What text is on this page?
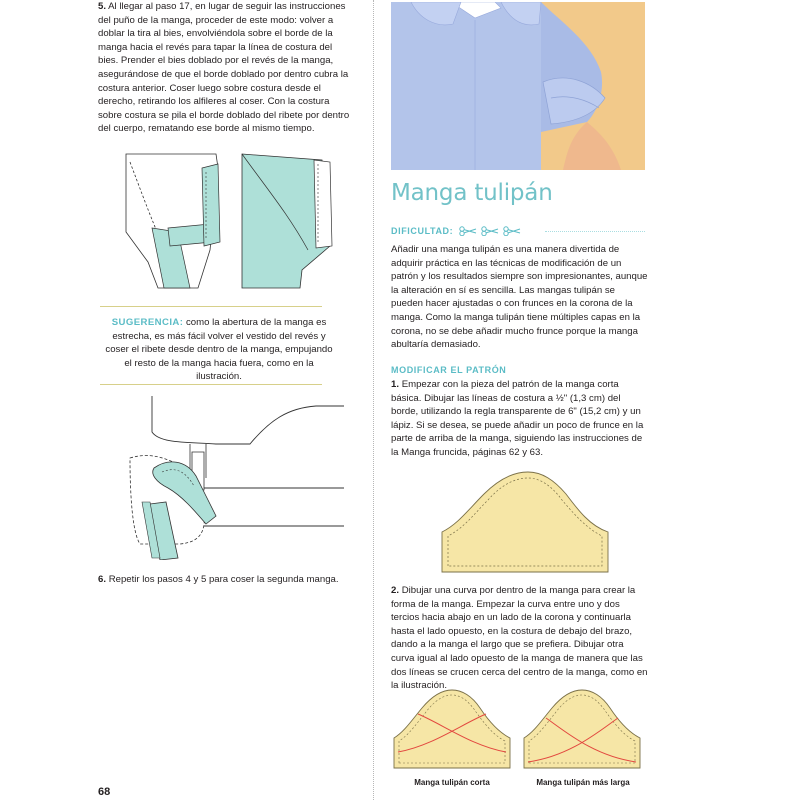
5. Al llegar al paso 17, en lugar de seguir las instrucciones del puño de la manga, proceder de este modo: volver a doblar la tira al bies, envolviéndola sobre el borde de la manga hacia el revés para tapar la línea de costura del bies. Prender el bies doblado por el revés de la manga, asegurándose de que el borde doblado por dentro cubra la costura anterior. Coser luego sobre costura desde el derecho, retirando los alfileres al coser. Con la costura sobre costura se pila el borde doblado del ribete por dentro del cuerpo, rematando ese borde al mismo tiempo.

SUGERENCIA: como la abertura de la manga es estrecha, es más fácil volver el vestido del revés y coser el ribete desde dentro de la manga, empujando el resto de la manga hacia fuera, como en la ilustración.

6. Repetir los pasos 4 y 5 para coser la segunda manga.

68

Manga tulipán

DIFICULTAD:

Añadir una manga tulipán es una manera divertida de adquirir práctica en las técnicas de modificación de un patrón y los resultados siempre son impresionantes, aunque la alteración en sí es sencilla. Las mangas tulipán se pueden hacer ajustadas o con frunces en la corona de la manga. Como la manga tulipán tiene múltiples capas en la corona, no se debe añadir mucho frunce porque la manga abultaría demasiado.

MODIFICAR EL PATRÓN

1. Empezar con la pieza del patrón de la manga corta básica. Dibujar las líneas de costura a ½" (1,3 cm) del borde, utilizando la regla transparente de 6" (15,2 cm) y un lápiz. Si se desea, se puede añadir un poco de frunce en la parte de arriba de la manga, siguiendo las instrucciones de la Manga fruncida, páginas 62 y 63.

2. Dibujar una curva por dentro de la manga para crear la forma de la manga. Empezar la curva entre uno y dos tercios hacia abajo en un lado de la corona y continuarla hasta el lado opuesto, en la costura de debajo del brazo, dando a la manga el largo que se prefiera. Dibujar otra curva igual al lado opuesto de la manga de manera que las dos líneas se crucen cerca del centro de la manga, como en la ilustración.

Manga tulipán corta	Manga tulipán más larga
